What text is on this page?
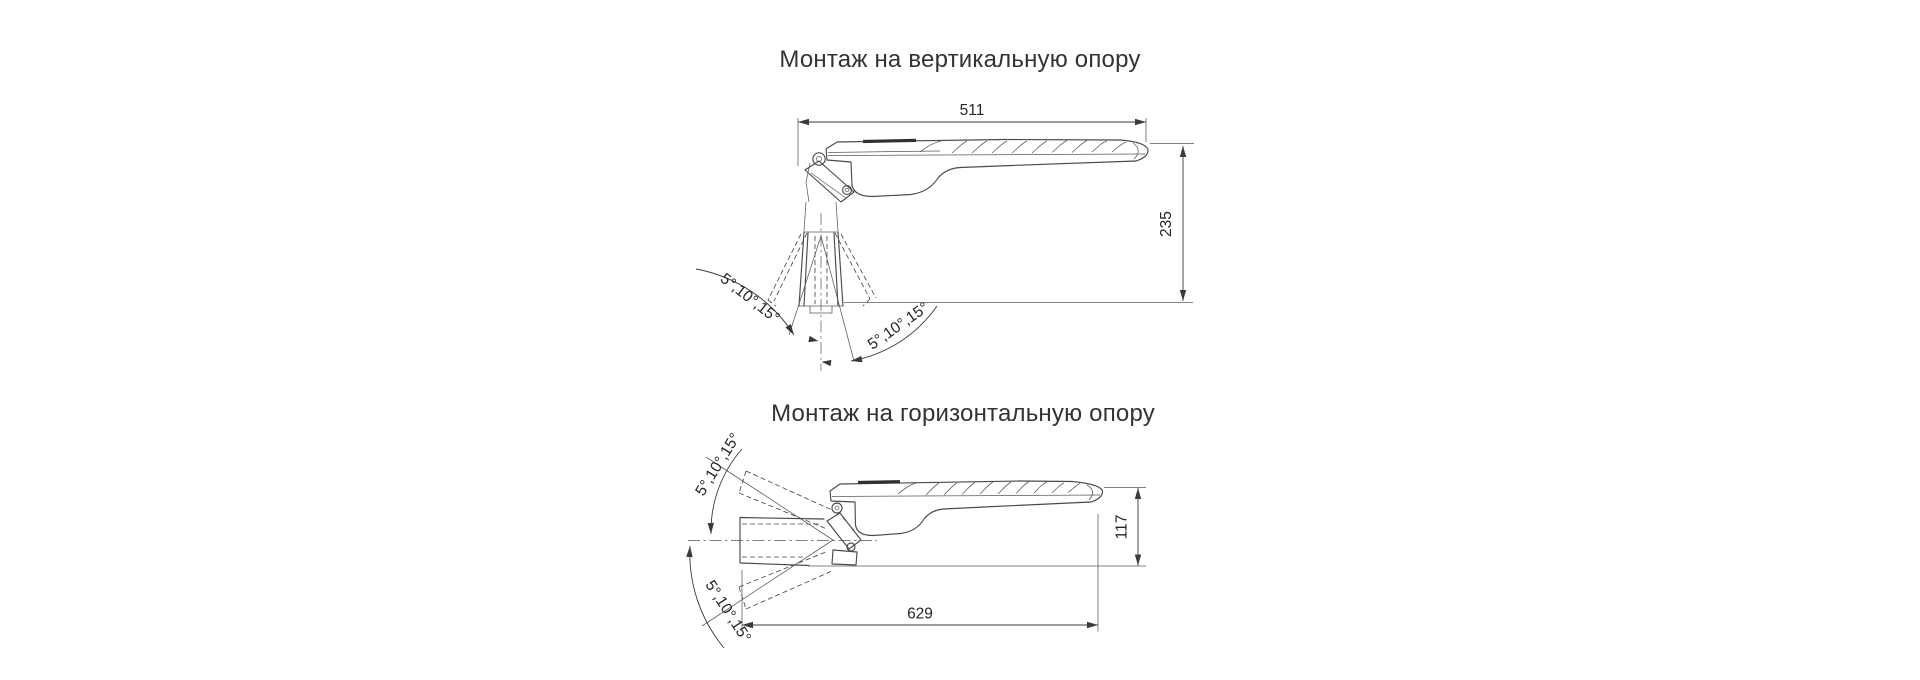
Монтаж на вертикальную опору
5°,10°,15°	5°,10°,15°
511
235
Монтаж на горизонтальную опору
5°,10°,15°
5°,10°,15°
117
629
